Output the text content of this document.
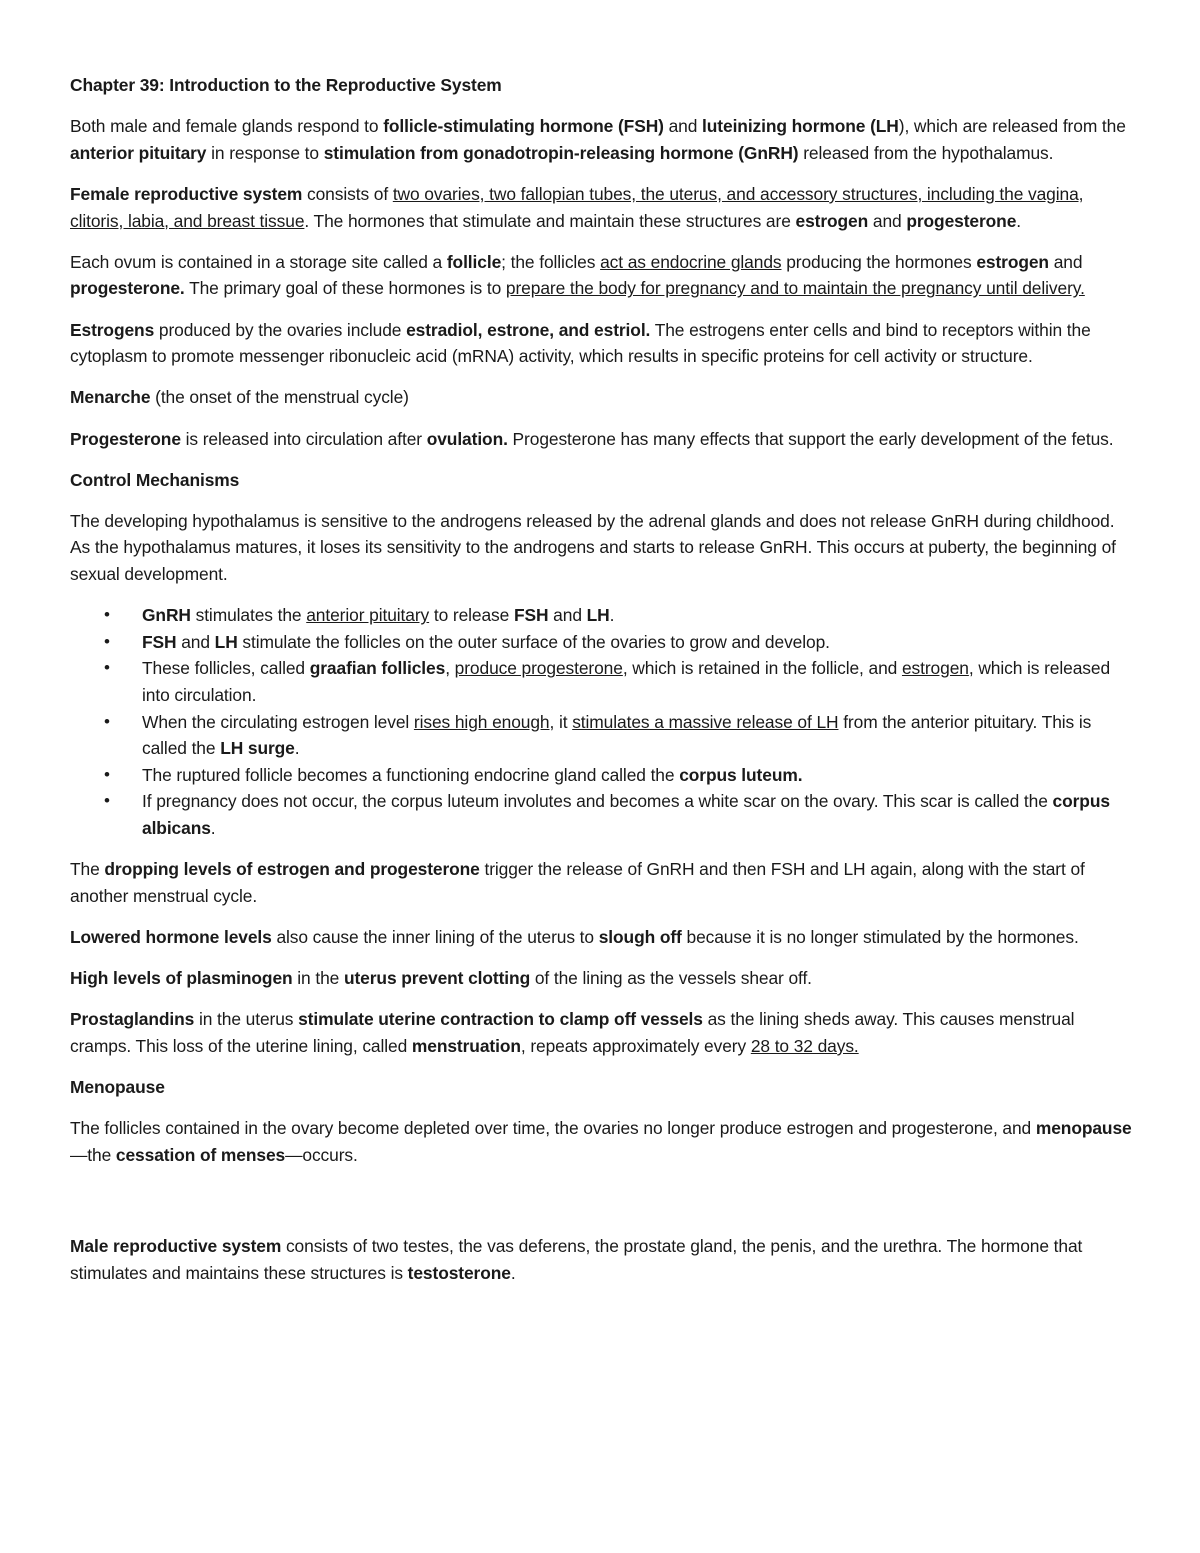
Chapter 39: Introduction to the Reproductive System

Both male and female glands respond to follicle-stimulating hormone (FSH) and luteinizing hormone (LH), which are released from the anterior pituitary in response to stimulation from gonadotropin-releasing hormone (GnRH) released from the hypothalamus.

Female reproductive system consists of two ovaries, two fallopian tubes, the uterus, and accessory structures, including the vagina, clitoris, labia, and breast tissue. The hormones that stimulate and maintain these structures are estrogen and progesterone.

Each ovum is contained in a storage site called a follicle; the follicles act as endocrine glands producing the hormones estrogen and progesterone. The primary goal of these hormones is to prepare the body for pregnancy and to maintain the pregnancy until delivery.

Estrogens produced by the ovaries include estradiol, estrone, and estriol. The estrogens enter cells and bind to receptors within the cytoplasm to promote messenger ribonucleic acid (mRNA) activity, which results in specific proteins for cell activity or structure.

Menarche (the onset of the menstrual cycle)

Progesterone is released into circulation after ovulation. Progesterone has many effects that support the early development of the fetus.

Control Mechanisms

The developing hypothalamus is sensitive to the androgens released by the adrenal glands and does not release GnRH during childhood. As the hypothalamus matures, it loses its sensitivity to the androgens and starts to release GnRH. This occurs at puberty, the beginning of sexual development.

• GnRH stimulates the anterior pituitary to release FSH and LH.
• FSH and LH stimulate the follicles on the outer surface of the ovaries to grow and develop.
• These follicles, called graafian follicles, produce progesterone, which is retained in the follicle, and estrogen, which is released into circulation.
• When the circulating estrogen level rises high enough, it stimulates a massive release of LH from the anterior pituitary. This is called the LH surge.
• The ruptured follicle becomes a functioning endocrine gland called the corpus luteum.
• If pregnancy does not occur, the corpus luteum involutes and becomes a white scar on the ovary. This scar is called the corpus albicans.

The dropping levels of estrogen and progesterone trigger the release of GnRH and then FSH and LH again, along with the start of another menstrual cycle.

Lowered hormone levels also cause the inner lining of the uterus to slough off because it is no longer stimulated by the hormones.

High levels of plasminogen in the uterus prevent clotting of the lining as the vessels shear off.

Prostaglandins in the uterus stimulate uterine contraction to clamp off vessels as the lining sheds away. This causes menstrual cramps. This loss of the uterine lining, called menstruation, repeats approximately every 28 to 32 days.

Menopause

The follicles contained in the ovary become depleted over time, the ovaries no longer produce estrogen and progesterone, and menopause—the cessation of menses—occurs.

Male reproductive system consists of two testes, the vas deferens, the prostate gland, the penis, and the urethra. The hormone that stimulates and maintains these structures is testosterone.
